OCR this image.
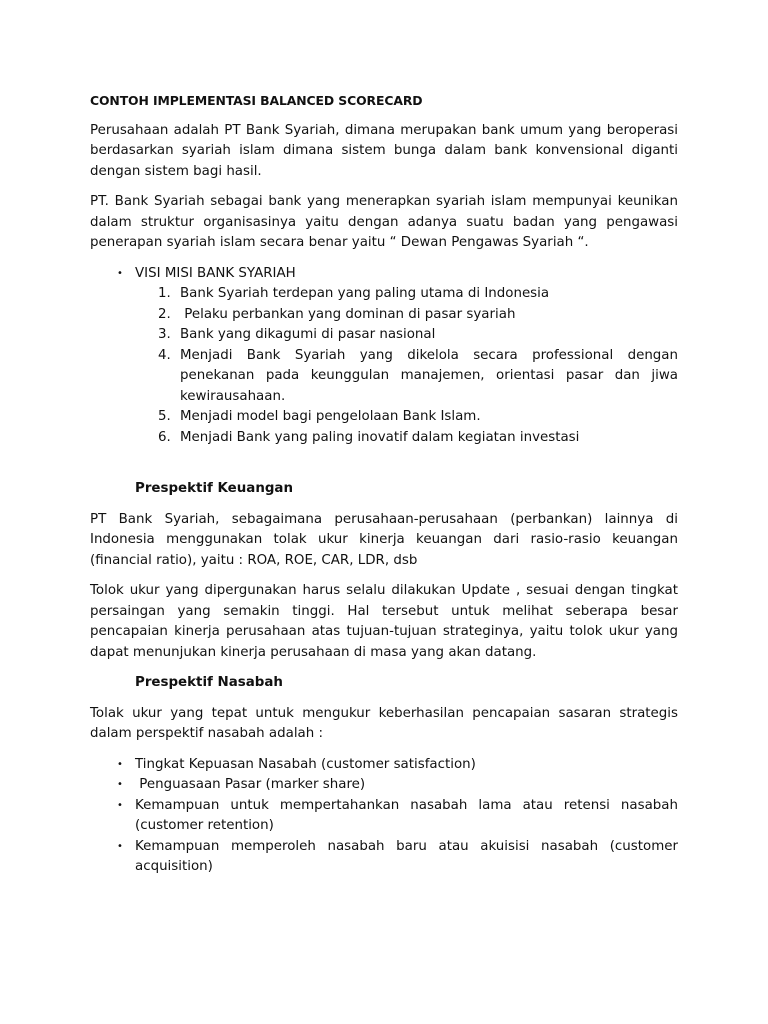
CONTOH IMPLEMENTASI BALANCED SCORECARD

Perusahaan adalah PT Bank Syariah, dimana merupakan bank umum yang beroperasi berdasarkan syariah islam dimana sistem bunga dalam bank konvensional diganti dengan sistem bagi hasil.

PT. Bank Syariah sebagai bank yang menerapkan syariah islam mempunyai keunikan dalam struktur organisasinya yaitu dengan adanya suatu badan yang pengawasi penerapan syariah islam secara benar yaitu “ Dewan Pengawas Syariah “.

• VISI MISI BANK SYARIAH
1. Bank Syariah terdepan yang paling utama di Indonesia
2. Pelaku perbankan yang dominan di pasar syariah
3. Bank yang dikagumi di pasar nasional
4. Menjadi Bank Syariah yang dikelola secara professional dengan penekanan pada keunggulan manajemen, orientasi pasar dan jiwa kewirausahaan.
5. Menjadi model bagi pengelolaan Bank Islam.
6. Menjadi Bank yang paling inovatif dalam kegiatan investasi
Prespektif Keuangan

PT Bank Syariah, sebagaimana perusahaan-perusahaan (perbankan) lainnya di Indonesia menggunakan tolak ukur kinerja keuangan dari rasio-rasio keuangan (financial ratio), yaitu : ROA, ROE, CAR, LDR, dsb

Tolok ukur yang dipergunakan harus selalu dilakukan Update , sesuai dengan tingkat persaingan yang semakin tinggi. Hal tersebut untuk melihat seberapa besar pencapaian kinerja perusahaan atas tujuan-tujuan strateginya, yaitu tolok ukur yang dapat menunjukan kinerja perusahaan di masa yang akan datang.

Prespektif Nasabah

Tolak ukur yang tepat untuk mengukur keberhasilan pencapaian sasaran strategis dalam perspektif nasabah adalah :

• Tingkat Kepuasan Nasabah (customer satisfaction)
• Penguasaan Pasar (marker share)
• Kemampuan untuk mempertahankan nasabah lama atau retensi nasabah (customer retention)
• Kemampuan memperoleh nasabah baru atau akuisisi nasabah (customer acquisition)
